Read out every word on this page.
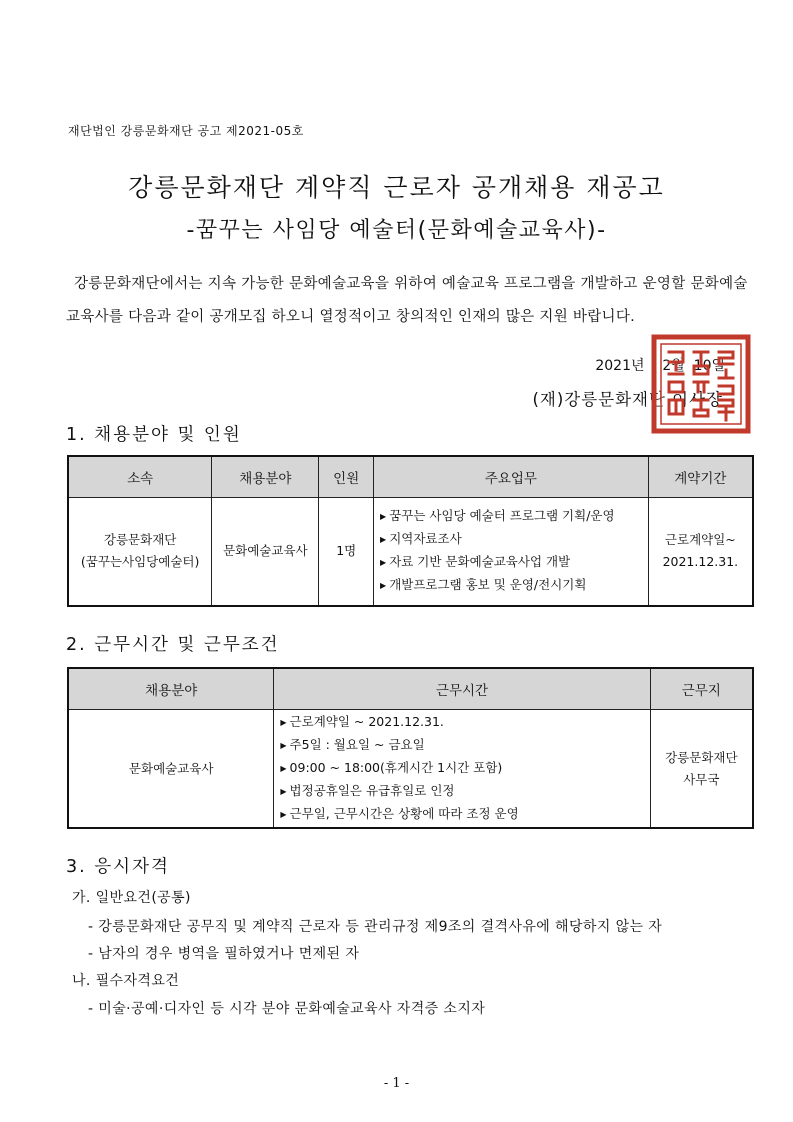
재단법인 강릉문화재단 공고 제2021-05호
강릉문화재단 계약직 근로자 공개채용 재공고
-꿈꾸는 사임당 예술터(문화예술교육사)-
강릉문화재단에서는 지속 가능한 문화예술교육을 위하여 예술교육 프로그램을 개발하고 운영할 문화예술교육사를 다음과 같이 공개모집 하오니 열정적이고 창의적인 인재의 많은 지원 바랍니다.
2021년 2월 10일
(재)강릉문화재단 이사장
1. 채용분야 및 인원
소속	채용분야	인원	주요업무	계약기간

강릉문화재단
(꿈꾸는사임당예술터)	문화예술교육사	1명	▶ 꿈꾸는 사임당 예술터 프로그램 기획/운영
▶ 지역자료조사
▶ 자료 기반 문화예술교육사업 개발
▶ 개발프로그램 홍보 및 운영/전시기획	근로계약일~
2021.12.31.
2. 근무시간 및 근무조건
채용분야	근무시간	근무지
문화예술교육사	▶ 근로계약일 ~ 2021.12.31.
▶ 주5일 : 월요일 ~ 금요일
▶ 09:00 ~ 18:00(휴게시간 1시간 포함)
▶ 법정공휴일은 유급휴일로 인정
▶ 근무일, 근무시간은 상황에 따라 조정 운영	강릉문화재단
사무국
3. 응시자격
가. 일반요건(공통)
- 강릉문화재단 공무직 및 계약직 근로자 등 관리규정 제9조의 결격사유에 해당하지 않는 자
- 남자의 경우 병역을 필하였거나 면제된 자
나. 필수자격요건
- 미술·공예·디자인 등 시각 분야 문화예술교육사 자격증 소지자
- 1 -
